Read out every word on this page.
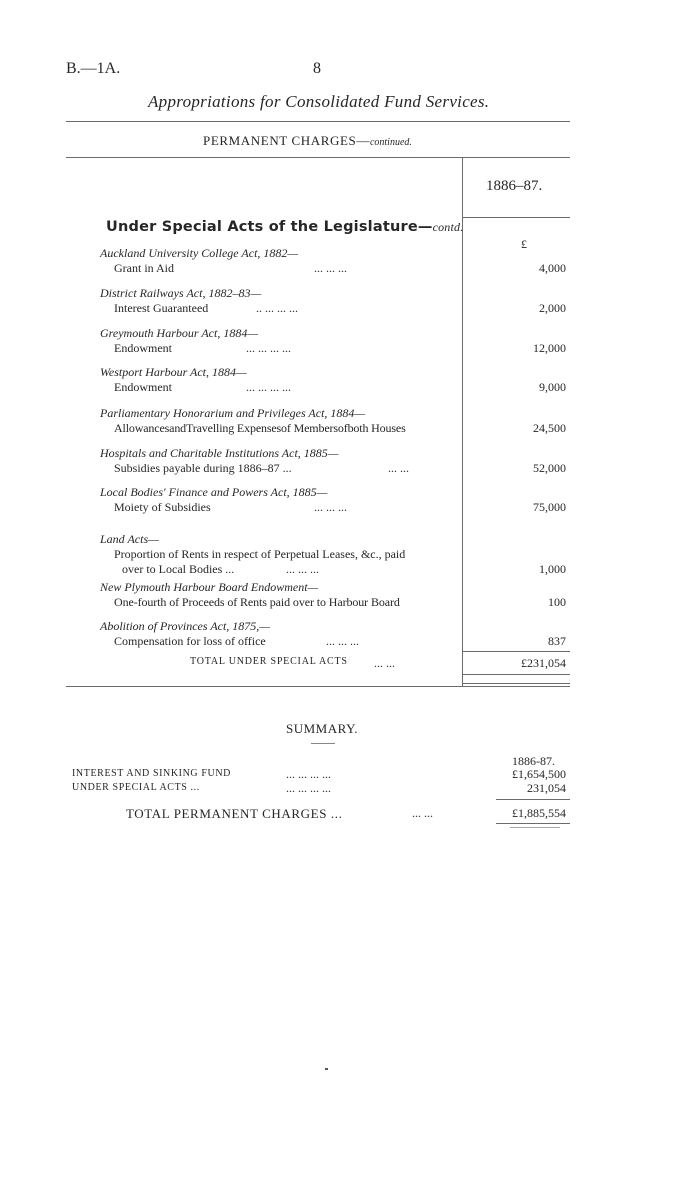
B.—1A.	8
Appropriations for Consolidated Fund Services.
PERMANENT CHARGES—continued.
1886–87.
Under Special Acts of the Legislature—contd.
£
Auckland University College Act, 1882—
Grant in Aid	... ... ...	4,000
District Railways Act, 1882–83—
Interest Guaranteed	.. ... ... ...	2,000
Greymouth Harbour Act, 1884—
Endowment	... ... ... ...	12,000
Westport Harbour Act, 1884—
Endowment	... ... ... ...	9,000
Parliamentary Honorarium and Privileges Act, 1884—
AllowancesandTravelling Expensesof Membersofboth Houses	24,500
Hospitals and Charitable Institutions Act, 1885—
Subsidies payable during 1886–87 ...	... ...	52,000
Local Bodies' Finance and Powers Act, 1885—
Moiety of Subsidies	... ... ...	75,000
Land Acts—
Proportion of Rents in respect of Perpetual Leases, &c., paid
over to Local Bodies ...	... ... ...	1,000
New Plymouth Harbour Board Endowment—
One-fourth of Proceeds of Rents paid over to Harbour Board	100
Abolition of Provinces Act, 1875,—
Compensation for loss of office	... ... ...	837
TOTAL UNDER SPECIAL ACTS ... ...	£231,054
SUMMARY.
1886-87.
INTEREST AND SINKING FUND	... ... ... ...	£1,654,500
UNDER SPECIAL ACTS ...	... ... ... ...	231,054
TOTAL PERMANENT CHARGES ...	... ...	£1,885,554
